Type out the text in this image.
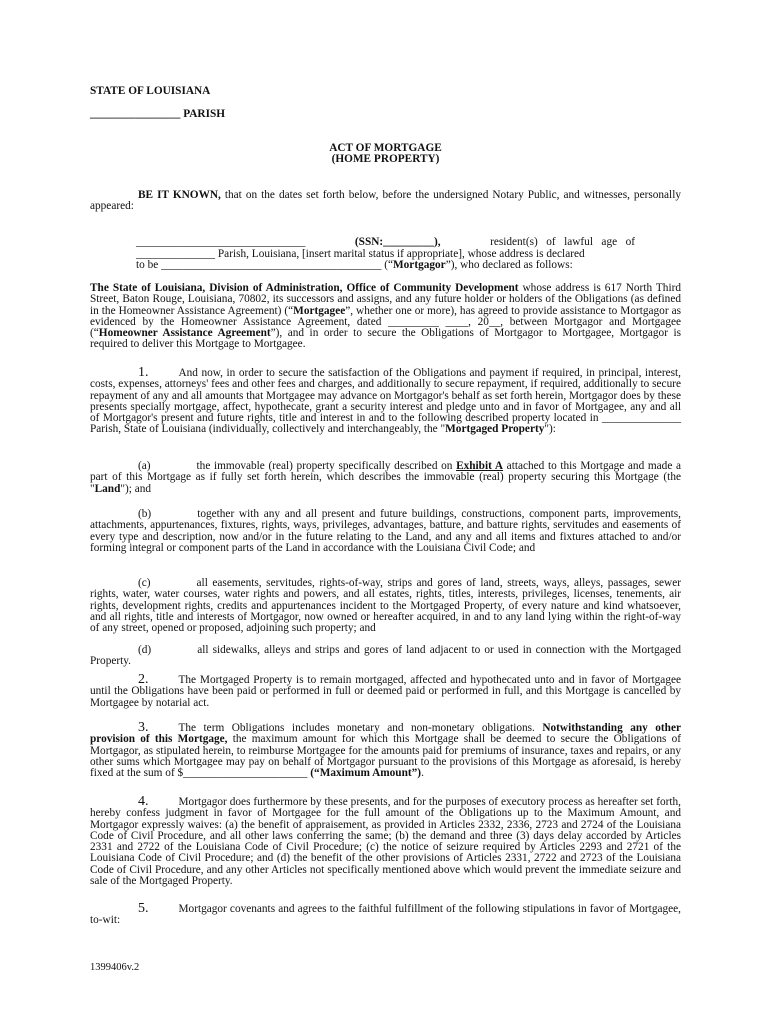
STATE OF LOUISIANA
________________ PARISH
ACT OF MORTGAGE
(HOME PROPERTY)
BE IT KNOWN, that on the dates set forth below, before the undersigned Notary Public, and witnesses, personally appeared:
______________________________	(SSN:_________),	resident(s)   of   lawful   age   of
______________ Parish, Louisiana, [insert marital status if appropriate], whose address is declared
to be _______________________________________ (“Mortgagor”), who declared as follows:
The State of Louisiana, Division of Administration, Office of Community Development whose address is 617 North Third Street, Baton Rouge, Louisiana, 70802, its successors and assigns, and any future holder or holders of the Obligations (as defined in the Homeowner Assistance Agreement) (“Mortgagee”, whether one or more), has agreed to provide assistance to Mortgagor as evidenced by the Homeowner Assistance Agreement, dated _________ ____, 20__, between Mortgagor and Mortgagee (“Homeowner Assistance Agreement”), and in order to secure the Obligations of Mortgagor to Mortgagee, Mortgagor is required to deliver this Mortgage to Mortgagee.
1.	And now, in order to secure the satisfaction of the Obligations and payment if required, in principal, interest, costs, expenses, attorneys' fees and other fees and charges, and additionally to secure repayment, if required, additionally to secure repayment of any and all amounts that Mortgagee may advance on Mortgagor's behalf as set forth herein, Mortgagor does by these presents specially mortgage, affect, hypothecate, grant a security interest and pledge unto and in favor of Mortgagee, any and all of Mortgagor's present and future rights, title and interest in and to the following described property located in ______________ Parish, State of Louisiana (individually, collectively and interchangeably, the "Mortgaged Property"):
(a)	the immovable (real) property specifically described on Exhibit A attached to this Mortgage and made a part of this Mortgage as if fully set forth herein, which describes the immovable (real) property securing this Mortgage (the "Land"); and
(b)	together with any and all present and future buildings, constructions, component parts, improvements, attachments, appurtenances, fixtures, rights, ways, privileges, advantages, batture, and batture rights, servitudes and easements of every type and description, now and/or in the future relating to the Land, and any and all items and fixtures attached to and/or forming integral or component parts of the Land in accordance with the Louisiana Civil Code; and
(c)	all easements, servitudes, rights-of-way, strips and gores of land, streets, ways, alleys, passages, sewer rights, water, water courses, water rights and powers, and all estates, rights, titles, interests, privileges, licenses, tenements, air rights, development rights, credits and appurtenances incident to the Mortgaged Property, of every nature and kind whatsoever, and all rights, title and interests of Mortgagor, now owned or hereafter acquired, in and to any land lying within the right-of-way of any street, opened or proposed, adjoining such property; and
(d)	all sidewalks, alleys and strips and gores of land adjacent to or used in connection with the Mortgaged Property.
2.	The Mortgaged Property is to remain mortgaged, affected and hypothecated unto and in favor of Mortgagee until the Obligations have been paid or performed in full or deemed paid or performed in full, and this Mortgage is cancelled by Mortgagee by notarial act.
3.	The term Obligations includes monetary and non-monetary obligations. Notwithstanding any other provision of this Mortgage, the maximum amount for which this Mortgage shall be deemed to secure the Obligations of Mortgagor, as stipulated herein, to reimburse Mortgagee for the amounts paid for premiums of insurance, taxes and repairs, or any other sums which Mortgagee may pay on behalf of Mortgagor pursuant to the provisions of this Mortgage as aforesaid, is hereby fixed at the sum of $______________________ (“Maximum Amount”).
4.	Mortgagor does furthermore by these presents, and for the purposes of executory process as hereafter set forth, hereby confess judgment in favor of Mortgagee for the full amount of the Obligations up to the Maximum Amount, and Mortgagor expressly waives: (a) the benefit of appraisement, as provided in Articles 2332, 2336, 2723 and 2724 of the Louisiana Code of Civil Procedure, and all other laws conferring the same; (b) the demand and three (3) days delay accorded by Articles 2331 and 2722 of the Louisiana Code of Civil Procedure; (c) the notice of seizure required by Articles 2293 and 2721 of the Louisiana Code of Civil Procedure; and (d) the benefit of the other provisions of Articles 2331, 2722 and 2723 of the Louisiana Code of Civil Procedure, and any other Articles not specifically mentioned above which would prevent the immediate seizure and sale of the Mortgaged Property.
5.	Mortgagor covenants and agrees to the faithful fulfillment of the following stipulations in favor of Mortgagee, to-wit:
1399406v.2
